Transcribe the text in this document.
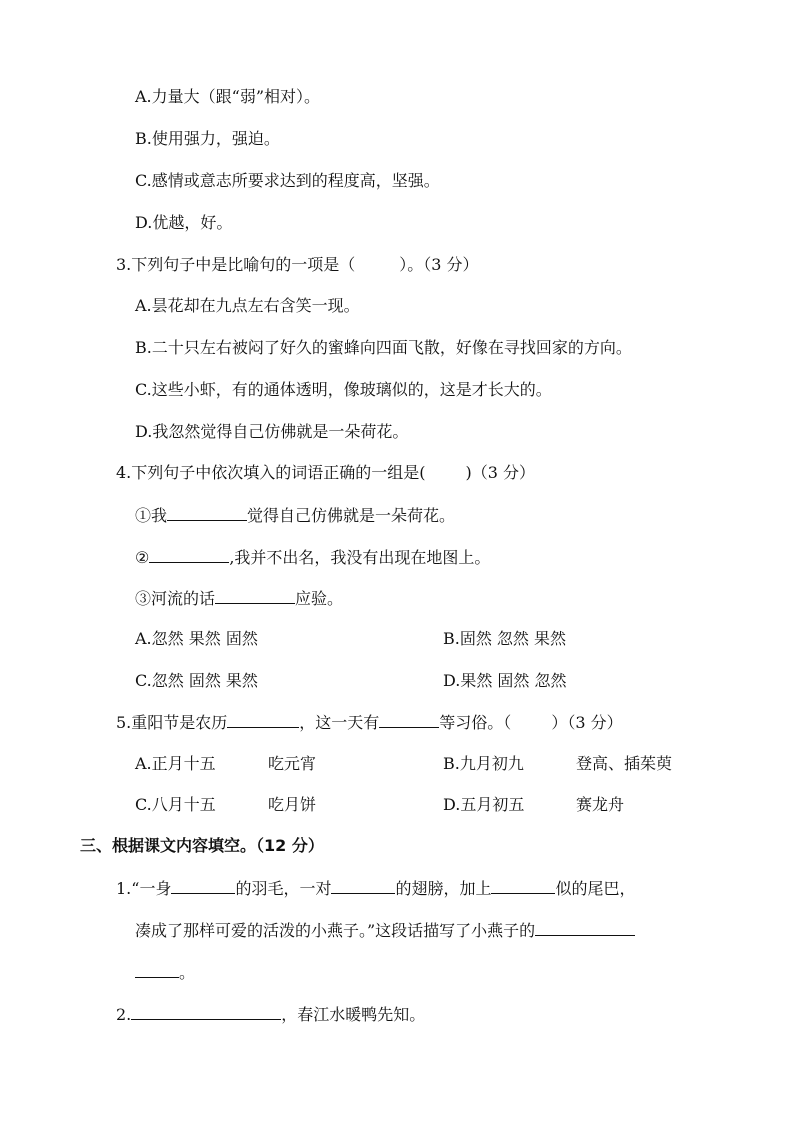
A.力量大（跟“弱”相对）。
B.使用强力，强迫。
C.感情或意志所要求达到的程度高，坚强。
D.优越，好。
3.下列句子中是比喻句的一项是（	）。（3 分）
A.昙花却在九点左右含笑一现。
B.二十只左右被闷了好久的蜜蜂向四面飞散，好像在寻找回家的方向。
C.这些小虾，有的通体透明，像玻璃似的，这是才长大的。
D.我忽然觉得自己仿佛就是一朵荷花。
4.下列句子中依次填入的词语正确的一组是(	)（3 分）
①我	觉得自己仿佛就是一朵荷花。
②	,我并不出名，我没有出现在地图上。
③河流的话	应验。
A.忽然 果然 固然	B.固然 忽然 果然
C.忽然 固然 果然	D.果然 固然 忽然
5.重阳节是农历	，这一天有	等习俗。（	）（3 分）
A.正月十五	吃元宵	B.九月初九	登高、插茱萸
C.八月十五	吃月饼	D.五月初五	赛龙舟
三、根据课文内容填空。（12 分）
1.“一身	的羽毛，一对	的翅膀，加上	似的尾巴，
凑成了那样可爱的活泼的小燕子。”这段话描写了小燕子的
。
2.	，春江水暖鸭先知。
